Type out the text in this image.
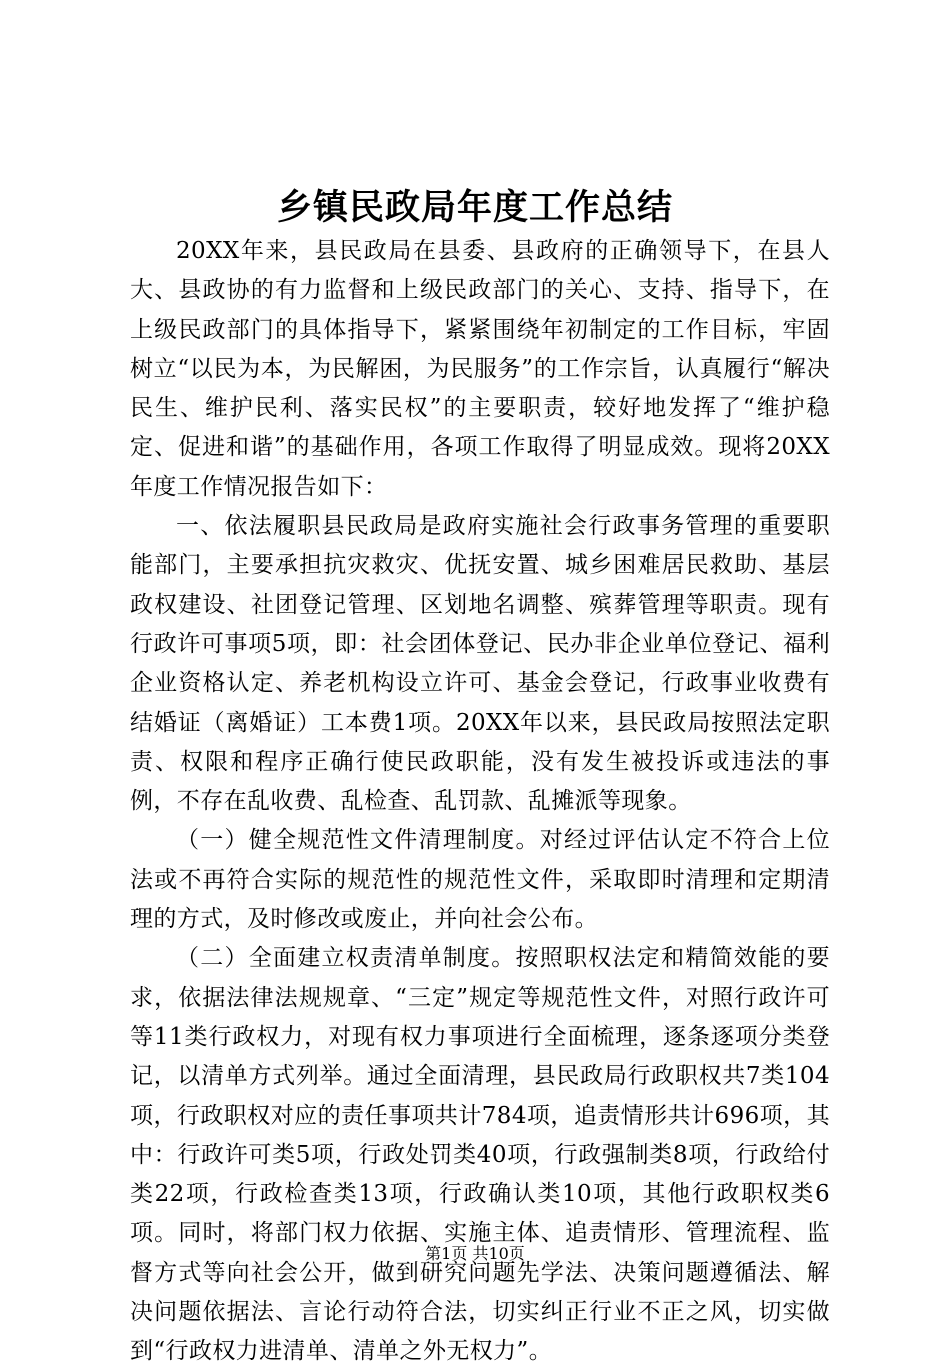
乡镇民政局年度工作总结

20XX年来，县民政局在县委、县政府的正确领导下，在县人大、县政协的有力监督和上级民政部门的关心、支持、指导下，在上级民政部门的具体指导下，紧紧围绕年初制定的工作目标，牢固树立“以民为本，为民解困，为民服务”的工作宗旨，认真履行“解决民生、维护民利、落实民权”的主要职责，较好地发挥了“维护稳定、促进和谐”的基础作用，各项工作取得了明显成效。现将20XX年度工作情况报告如下：

一、依法履职县民政局是政府实施社会行政事务管理的重要职能部门，主要承担抗灾救灾、优抚安置、城乡困难居民救助、基层政权建设、社团登记管理、区划地名调整、殡葬管理等职责。现有行政许可事项5项，即：社会团体登记、民办非企业单位登记、福利企业资格认定、养老机构设立许可、基金会登记，行政事业收费有结婚证（离婚证）工本费1项。20XX年以来，县民政局按照法定职责、权限和程序正确行使民政职能，没有发生被投诉或违法的事例，不存在乱收费、乱检查、乱罚款、乱摊派等现象。

（一）健全规范性文件清理制度。对经过评估认定不符合上位法或不再符合实际的规范性的规范性文件，采取即时清理和定期清理的方式，及时修改或废止，并向社会公布。

（二）全面建立权责清单制度。按照职权法定和精简效能的要求，依据法律法规规章、“三定”规定等规范性文件，对照行政许可等11类行政权力，对现有权力事项进行全面梳理，逐条逐项分类登记，以清单方式列举。通过全面清理，县民政局行政职权共7类104项，行政职权对应的责任事项共计784项，追责情形共计696项，其中：行政许可类5项，行政处罚类40项，行政强制类8项，行政给付类22项，行政检查类13项，行政确认类10项，其他行政职权类6项。同时，将部门权力依据、实施主体、追责情形、管理流程、监督方式等向社会公开，做到研究问题先学法、决策问题遵循法、解决问题依据法、言论行动符合法，切实纠正行业不正之风，切实做到“行政权力进清单、清单之外无权力”。

第1页 共10页
